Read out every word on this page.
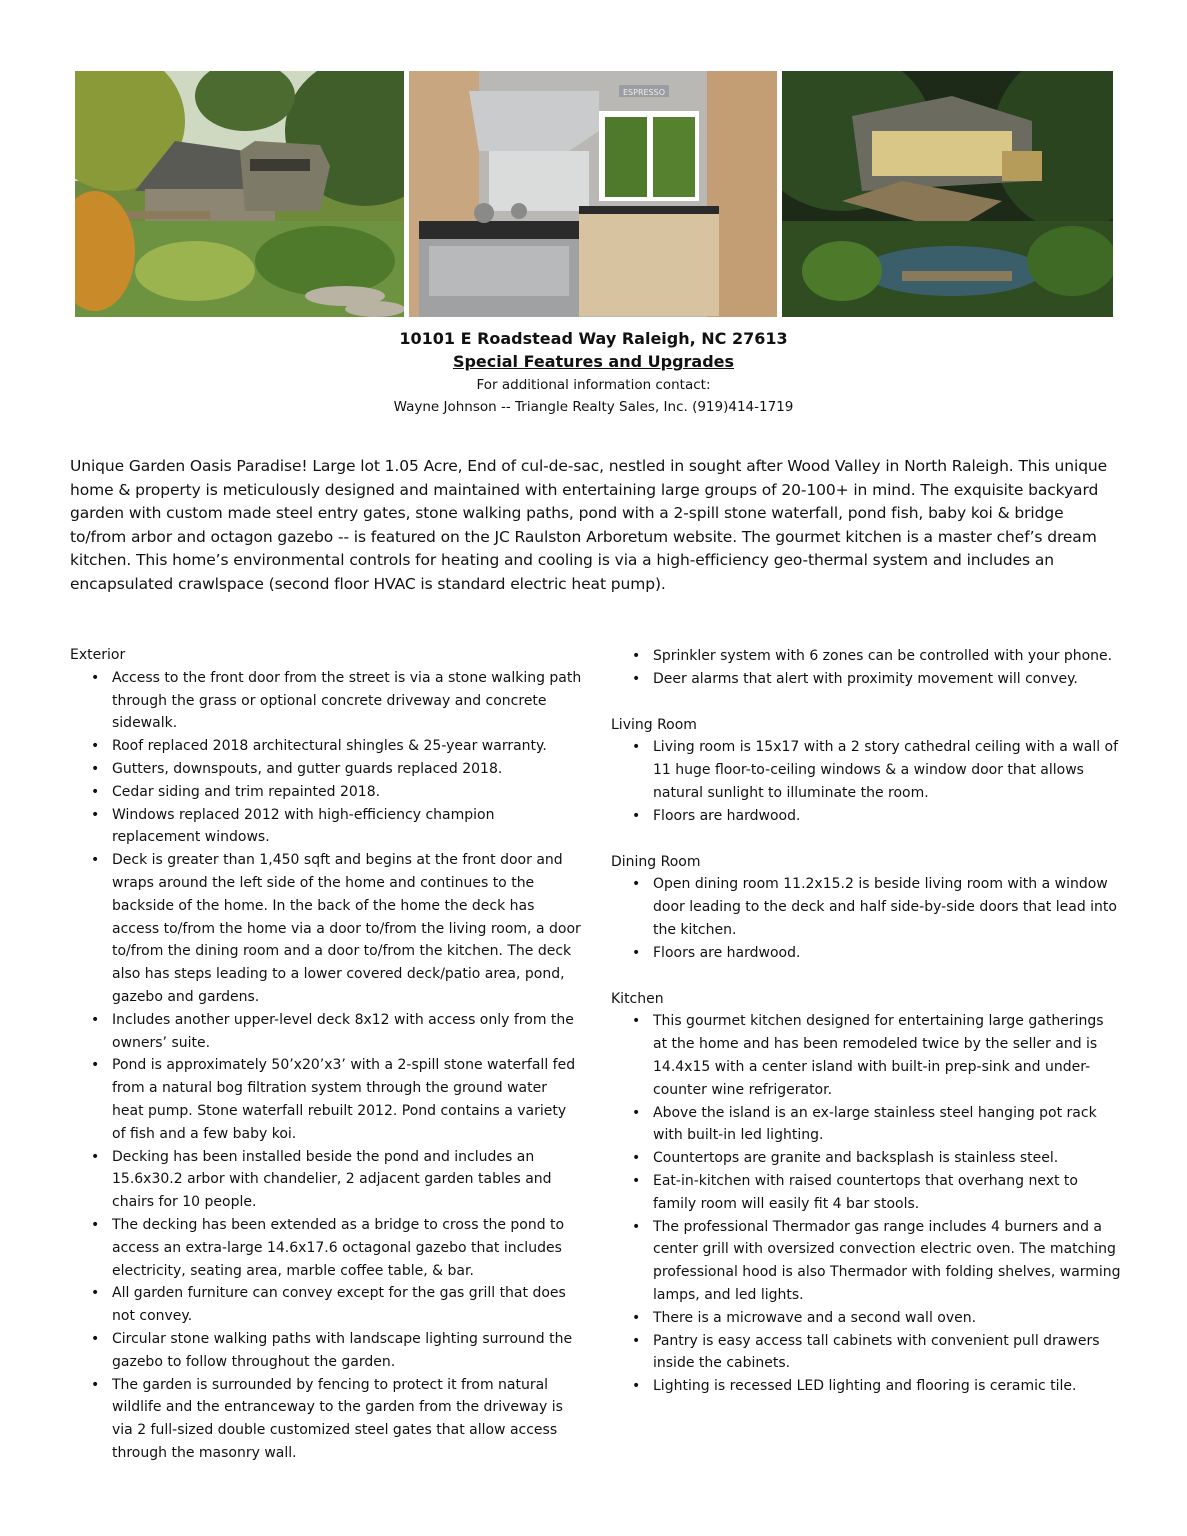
ESPRESSO

10101 E Roadstead Way Raleigh, NC 27613

Special Features and Upgrades

For additional information contact:

Wayne Johnson -- Triangle Realty Sales, Inc. (919)414-1719

Unique Garden Oasis Paradise! Large lot 1.05 Acre, End of cul-de-sac, nestled in sought after Wood Valley in North Raleigh. This unique home & property is meticulously designed and maintained with entertaining large groups of 20-100+ in mind. The exquisite backyard garden with custom made steel entry gates, stone walking paths, pond with a 2-spill stone waterfall, pond fish, baby koi & bridge to/from arbor and octagon gazebo -- is featured on the JC Raulston Arboretum website. The gourmet kitchen is a master chef’s dream kitchen. This home’s environmental controls for heating and cooling is via a high-efficiency geo-thermal system and includes an encapsulated crawlspace (second floor HVAC is standard electric heat pump).

Exterior

• Access to the front door from the street is via a stone walking path through the grass or optional concrete driveway and concrete sidewalk.
• Roof replaced 2018 architectural shingles & 25-year warranty.
• Gutters, downspouts, and gutter guards replaced 2018.
• Cedar siding and trim repainted 2018.
• Windows replaced 2012 with high-efficiency champion replacement windows.
• Deck is greater than 1,450 sqft and begins at the front door and wraps around the left side of the home and continues to the backside of the home. In the back of the home the deck has access to/from the home via a door to/from the living room, a door to/from the dining room and a door to/from the kitchen. The deck also has steps leading to a lower covered deck/patio area, pond, gazebo and gardens.
• Includes another upper-level deck 8x12 with access only from the owners’ suite.
• Pond is approximately 50’x20’x3’ with a 2-spill stone waterfall fed from a natural bog filtration system through the ground water heat pump. Stone waterfall rebuilt 2012. Pond contains a variety of fish and a few baby koi.
• Decking has been installed beside the pond and includes an 15.6x30.2 arbor with chandelier, 2 adjacent garden tables and chairs for 10 people.
• The decking has been extended as a bridge to cross the pond to access an extra-large 14.6x17.6 octagonal gazebo that includes electricity, seating area, marble coffee table, & bar.
• All garden furniture can convey except for the gas grill that does not convey.
• Circular stone walking paths with landscape lighting surround the gazebo to follow throughout the garden.
• The garden is surrounded by fencing to protect it from natural wildlife and the entranceway to the garden from the driveway is via 2 full-sized double customized steel gates that allow access through the masonry wall.
• Sprinkler system with 6 zones can be controlled with your phone.
• Deer alarms that alert with proximity movement will convey.

Living Room

• Living room is 15x17 with a 2 story cathedral ceiling with a wall of 11 huge floor-to-ceiling windows & a window door that allows natural sunlight to illuminate the room.
• Floors are hardwood.

Dining Room

• Open dining room 11.2x15.2 is beside living room with a window door leading to the deck and half side-by-side doors that lead into the kitchen.
• Floors are hardwood.

Kitchen

• This gourmet kitchen designed for entertaining large gatherings at the home and has been remodeled twice by the seller and is 14.4x15 with a center island with built-in prep-sink and under-counter wine refrigerator.
• Above the island is an ex-large stainless steel hanging pot rack with built-in led lighting.
• Countertops are granite and backsplash is stainless steel.
• Eat-in-kitchen with raised countertops that overhang next to family room will easily fit 4 bar stools.
• The professional Thermador gas range includes 4 burners and a center grill with oversized convection electric oven. The matching professional hood is also Thermador with folding shelves, warming lamps, and led lights.
• There is a microwave and a second wall oven.
• Pantry is easy access tall cabinets with convenient pull drawers inside the cabinets.
• Lighting is recessed LED lighting and flooring is ceramic tile.
